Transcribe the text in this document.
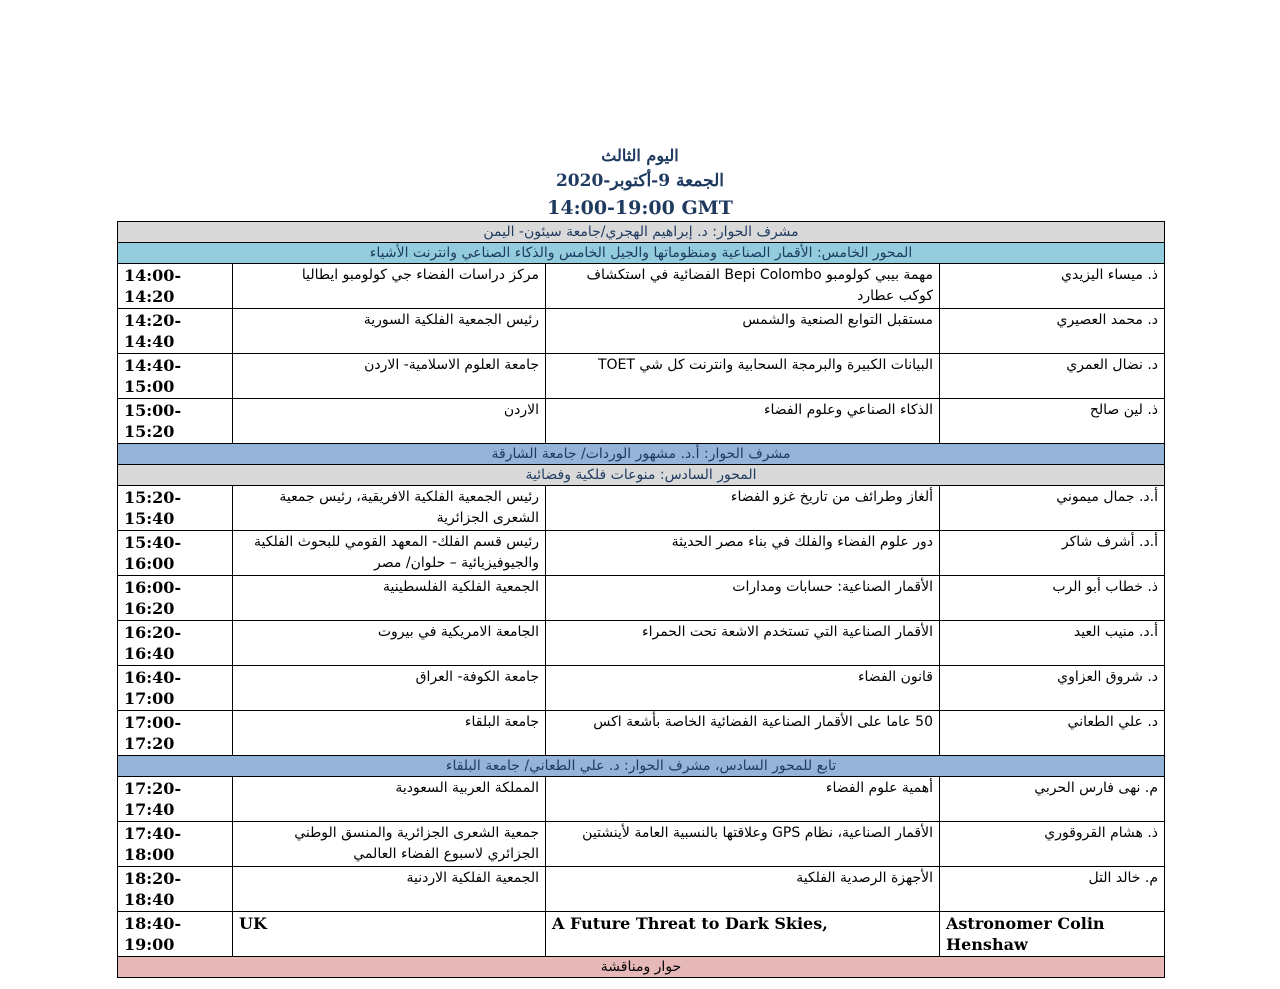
اليوم الثالث
الجمعة 9-أكتوبر-2020
14:00-19:00 GMT
مشرف الحوار: د. إبراهيم الهجري/جامعة سيئون- اليمن			
المحور الخامس: الأقمار الصناعية ومنظوماتها والجيل الخامس والذكاء الصناعي وانترنت الأشياء			
14:00-14:20	مركز دراسات الفضاء جي كولومبو ايطاليا	مهمة بيبي كولومبو Bepi Colombo الفضائية في استكشاف كوكب عطارد	ذ. ميساء اليزيدي
14:20-14:40	رئيس الجمعية الفلكية السورية	مستقبل التوابع الصنعية والشمس	د. محمد العصيري
14:40-15:00	جامعة العلوم الاسلامية- الاردن	البيانات الكبيرة والبرمجة السحابية وانترنت كل شي TOET	د. نضال العمري
15:00-15:20	الاردن	الذكاء الصناعي وعلوم الفضاء	ذ. لين صالح
مشرف الحوار: أ.د. مشهور الوردات/ جامعة الشارقة			
المحور السادس: منوعات فلكية وفضائية			
15:20-15:40	رئيس الجمعية الفلكية الافريقية، رئيس جمعية الشعرى الجزائرية	ألغاز وطرائف من تاريخ غزو الفضاء	أ.د. جمال ميموني
15:40-16:00	رئيس قسم الفلك- المعهد القومي للبحوث الفلكية والجيوفيزيائية – حلوان/ مصر	دور علوم الفضاء والفلك في بناء مصر الحديثة	أ.د. أشرف شاكر
16:00-16:20	الجمعية الفلكية الفلسطينية	الأقمار الصناعية: حسابات ومدارات	ذ. خطاب أبو الرب
16:20-16:40	الجامعة الامريكية في بيروت	الأقمار الصناعية التي تستخدم الاشعة تحت الحمراء	أ.د. منيب العيد
16:40-17:00	جامعة الكوفة- العراق	قانون الفضاء	د. شروق العزاوي
17:00-17:20	جامعة البلقاء	50 عاما على الأقمار الصناعية الفضائية الخاصة بأشعة اكس	د. علي الطعاني
تابع للمحور السادس، مشرف الحوار: د. علي الطعاني/ جامعة البلقاء			
17:20-17:40	المملكة العربية السعودية	أهمية علوم الفضاء	م. نهى فارس الحربي
17:40-18:00	جمعية الشعرى الجزائرية والمنسق الوطني الجزائري لاسبوع الفضاء العالمي	الأقمار الصناعية، نظام GPS وعلاقتها بالنسبية العامة لأينشتين	ذ. هشام القروقوري
18:20-18:40	الجمعية الفلكية الاردنية	الأجهزة الرصدية الفلكية	م. خالد التل
18:40-19:00	UK	A Future Threat to Dark Skies,	Astronomer Colin Henshaw
حوار ومناقشة			
